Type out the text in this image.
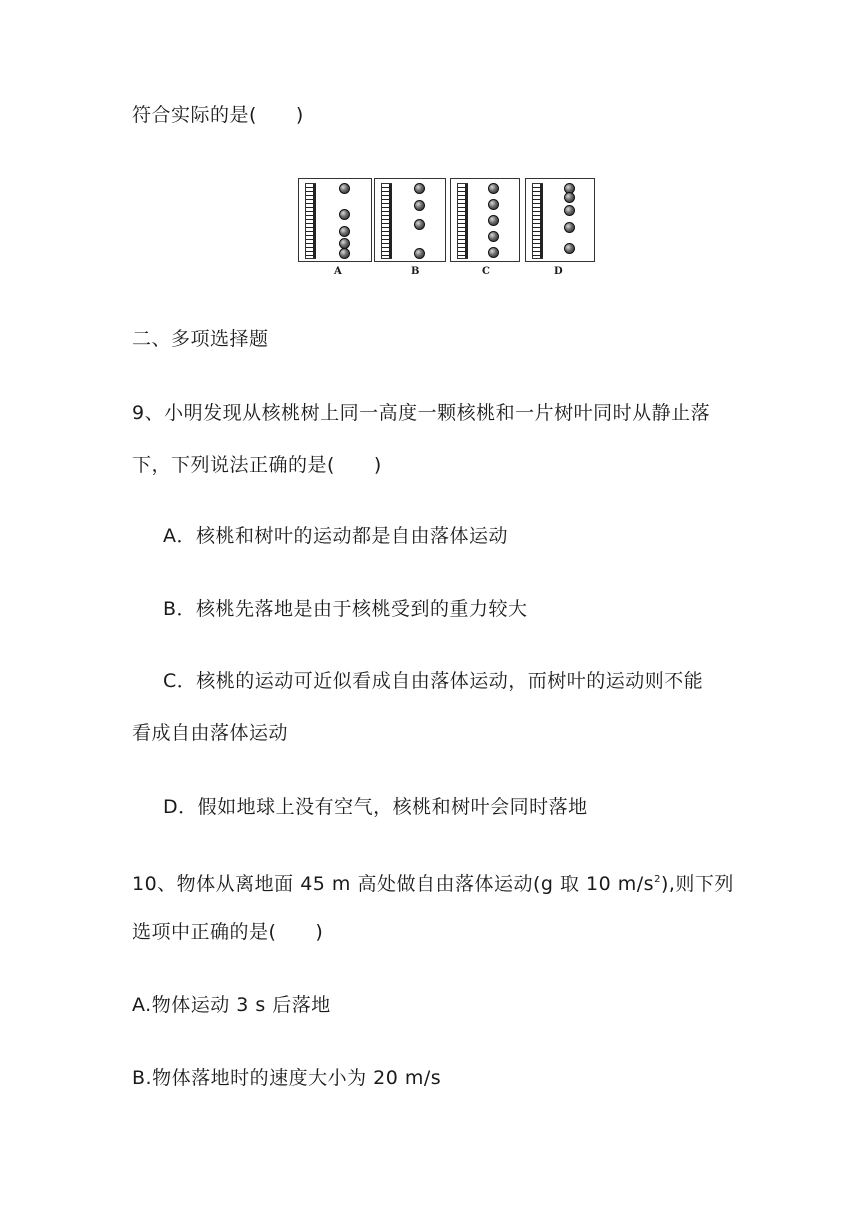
符合实际的是(　　)
A	B	C	D
二、多项选择题
9、小明发现从核桃树上同一高度一颗核桃和一片树叶同时从静止落
下，下列说法正确的是(　　)
A．核桃和树叶的运动都是自由落体运动
B．核桃先落地是由于核桃受到的重力较大
C．核桃的运动可近似看成自由落体运动，而树叶的运动则不能
看成自由落体运动
D．假如地球上没有空气，核桃和树叶会同时落地
10、物体从离地面 45 m 高处做自由落体运动(g 取 10 $m/s^2$),则下列
选项中正确的是(　　)
A.物体运动 3 s 后落地
B.物体落地时的速度大小为 20 m/s
